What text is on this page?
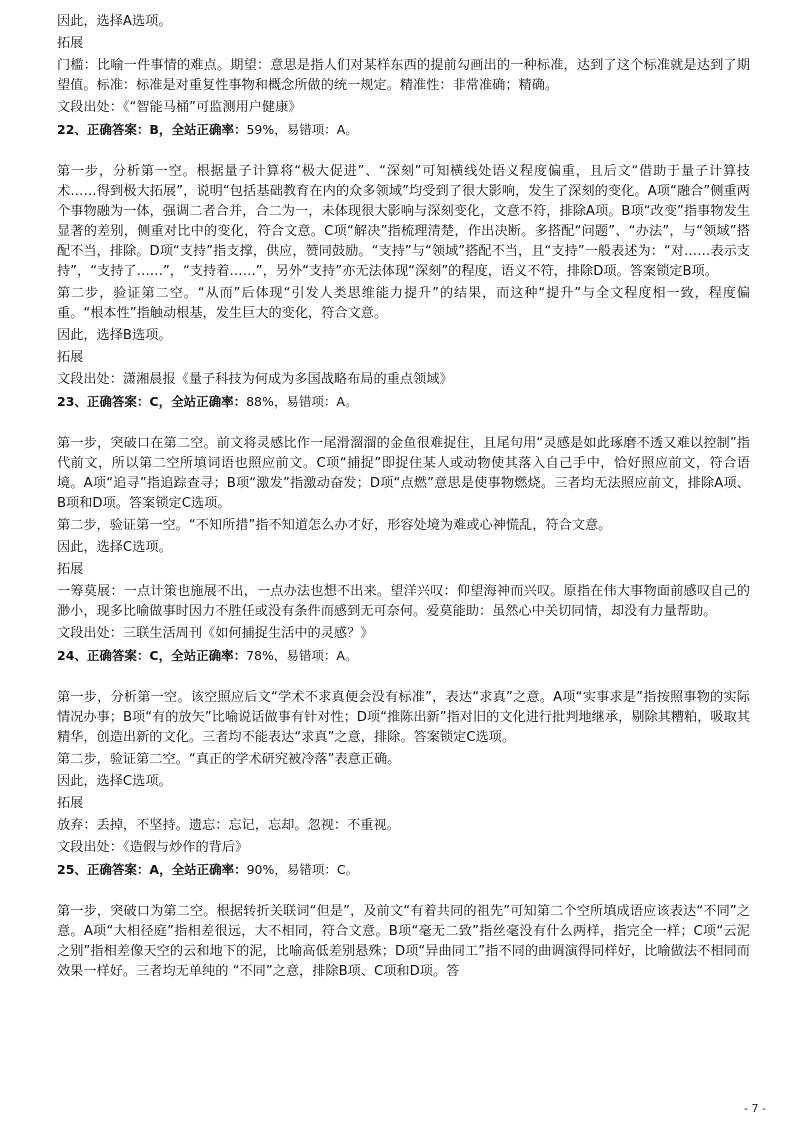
因此，选择A选项。

拓展

门槛：比喻一件事情的难点。期望：意思是指人们对某样东西的提前勾画出的一种标准，达到了这个标准就是达到了期望值。标准：标准是对重复性事物和概念所做的统一规定。精准性：非常准确；精确。

文段出处：《“智能马桶”可监测用户健康》

22、正确答案：B，全站正确率：59%，易错项：A。

第一步，分析第一空。根据量子计算将“极大促进”、“深刻”可知横线处语义程度偏重，且后文“借助于量子计算技术……得到极大拓展”，说明“包括基础教育在内的众多领域”均受到了很大影响，发生了深刻的变化。A项“融合”侧重两个事物融为一体，强调二者合并，合二为一，未体现很大影响与深刻变化，文意不符，排除A项。B项“改变”指事物发生显著的差别，侧重对比中的变化，符合文意。C项“解决”指梳理清楚，作出决断。多搭配“问题”、“办法”，与“领域”搭配不当，排除。D项“支持”指支撑，供应，赞同鼓励。“支持”与“领域”搭配不当，且“支持”一般表述为：“对……表示支持”，“支持了……”，“支持着……”，另外“支持”亦无法体现“深刻”的程度，语义不符，排除D项。答案锁定B项。

第二步，验证第二空。“从而”后体现“引发人类思维能力提升”的结果，而这种“提升”与全文程度相一致，程度偏重。“根本性”指触动根基，发生巨大的变化，符合文意。

因此，选择B选项。

拓展

文段出处：潇湘晨报《量子科技为何成为多国战略布局的重点领域》

23、正确答案：C，全站正确率：88%，易错项：A。

第一步，突破口在第二空。前文将灵感比作一尾滑溜溜的金鱼很难捉住，且尾句用“灵感是如此琢磨不透又难以控制”指代前文，所以第二空所填词语也照应前文。C项“捕捉”即捉住某人或动物使其落入自己手中，恰好照应前文，符合语境。A项“追寻”指追踪查寻；B项“激发”指激动奋发；D项“点燃”意思是使事物燃烧。三者均无法照应前文，排除A项、B项和D项。答案锁定C选项。

第二步，验证第一空。“不知所措”指不知道怎么办才好，形容处境为难或心神慌乱，符合文意。

因此，选择C选项。

拓展

一筹莫展：一点计策也施展不出，一点办法也想不出来。望洋兴叹：仰望海神而兴叹。原指在伟大事物面前感叹自己的渺小，现多比喻做事时因力不胜任或没有条件而感到无可奈何。爱莫能助：虽然心中关切同情，却没有力量帮助。

文段出处：三联生活周刊《如何捕捉生活中的灵感？》

24、正确答案：C，全站正确率：78%，易错项：A。

第一步，分析第一空。该空照应后文“学术不求真便会没有标准”，表达“求真”之意。A项“实事求是”指按照事物的实际情况办事；B项“有的放矢”比喻说话做事有针对性；D项“推陈出新”指对旧的文化进行批判地继承，剔除其糟粕，吸取其精华，创造出新的文化。三者均不能表达“求真”之意，排除。答案锁定C选项。

第二步，验证第二空。“真正的学术研究被冷落”表意正确。

因此，选择C选项。

拓展

放弃：丢掉，不坚持。遗忘：忘记，忘却。忽视：不重视。

文段出处：《造假与炒作的背后》

25、正确答案：A，全站正确率：90%，易错项：C。

第一步，突破口为第二空。根据转折关联词“但是”，及前文“有着共同的祖先”可知第二个空所填成语应该表达“不同”之意。A项“大相径庭”指相差很远，大不相同，符合文意。B项“毫无二致”指丝毫没有什么两样，指完全一样；C项“云泥之别”指相差像天空的云和地下的泥，比喻高低差别悬殊；D项“异曲同工”指不同的曲调演得同样好，比喻做法不相同而效果一样好。三者均无单纯的 “不同”之意，排除B项、C项和D项。答

- 7 -
